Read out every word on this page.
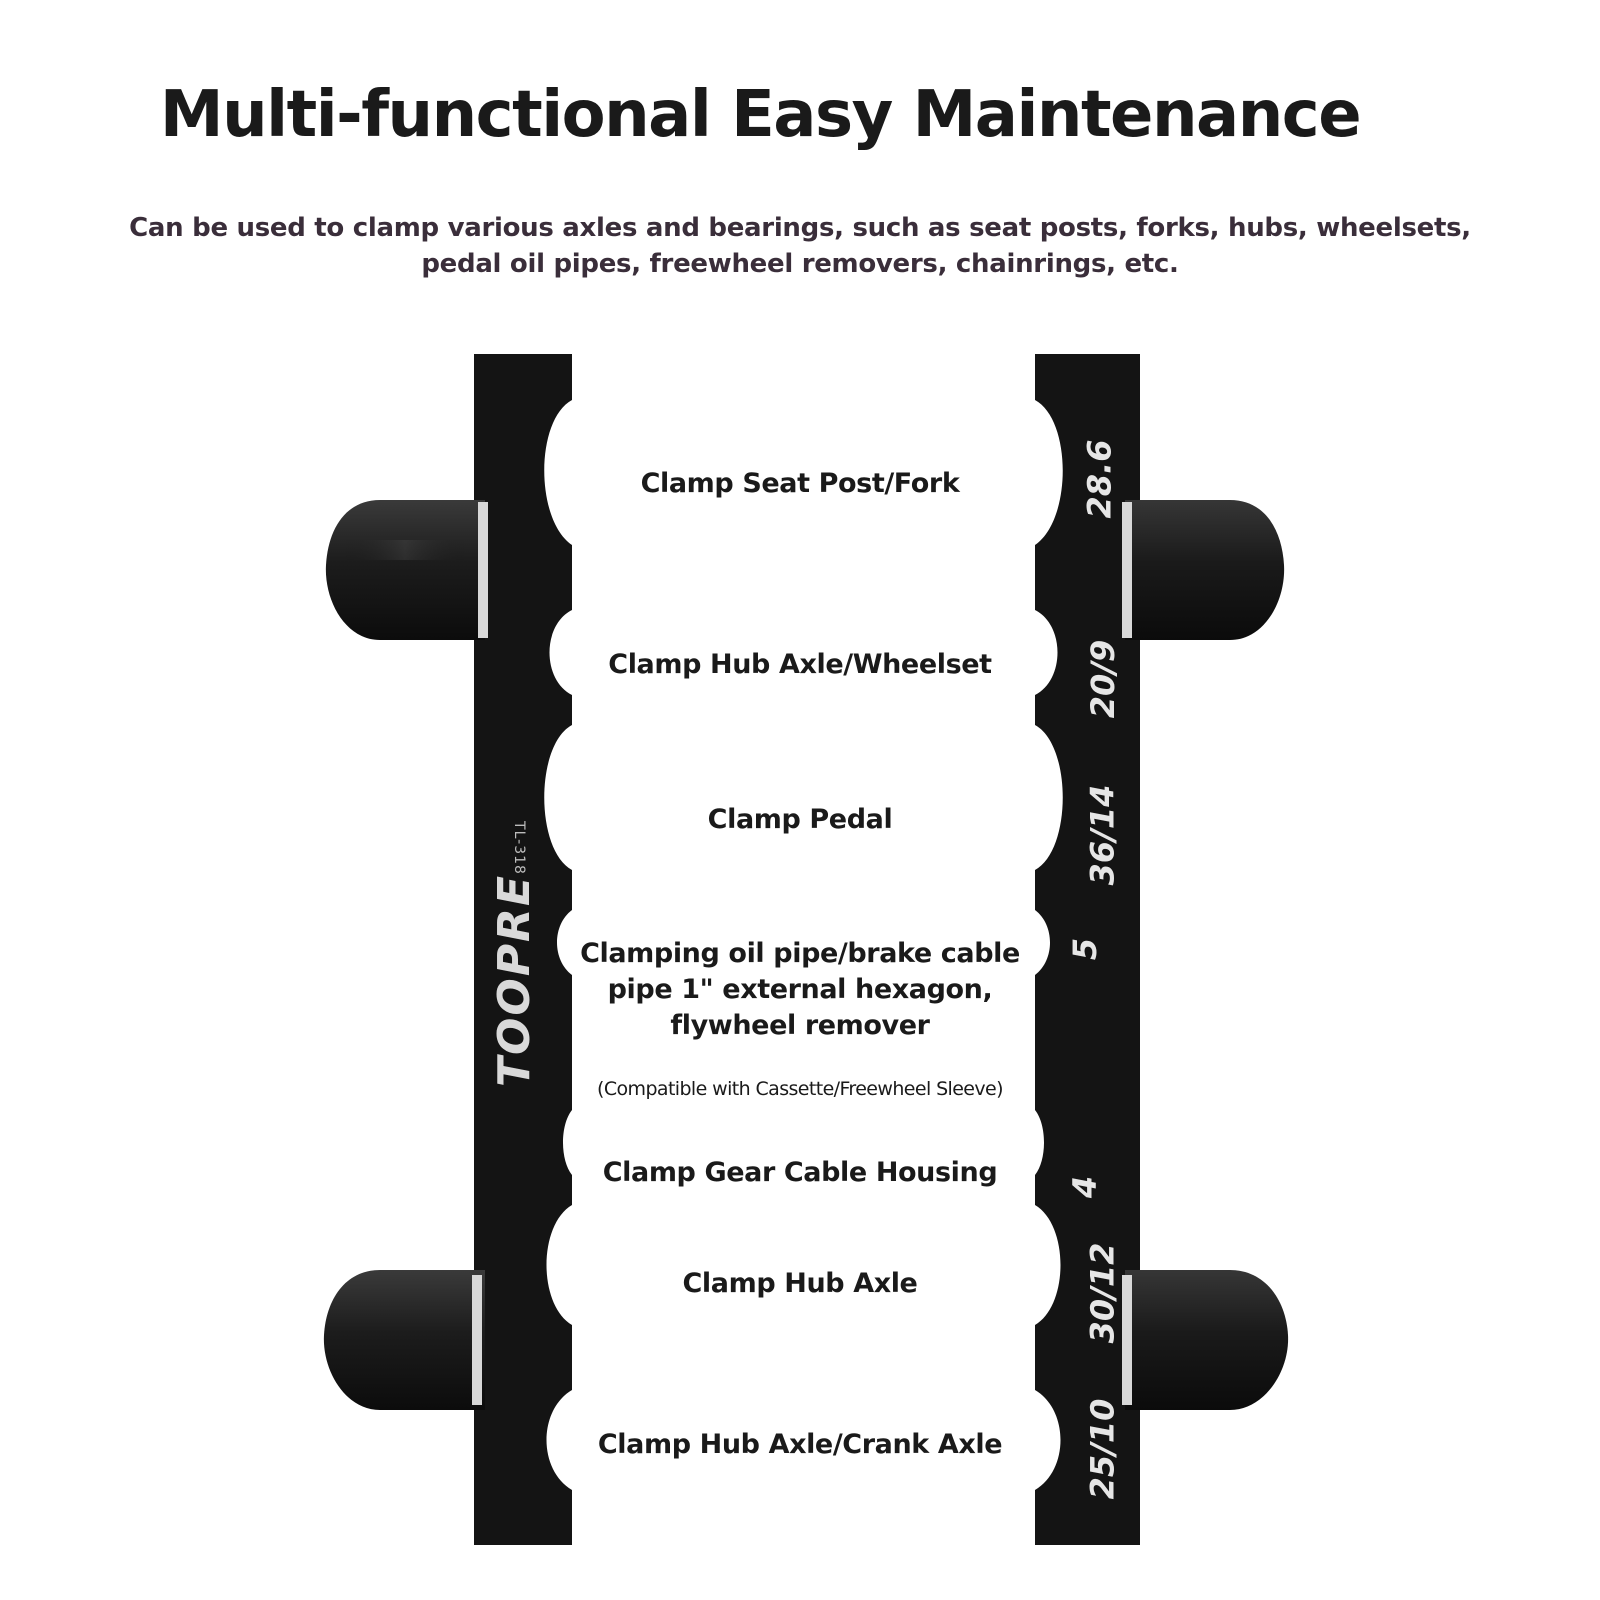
Multi-functional Easy Maintenance

Can be used to clamp various axles and bearings, such as seat posts, forks, hubs, wheelsets,
pedal oil pipes, freewheel removers, chainrings, etc.

TOOPRE
TL-318
28.6
20/9
36/14
5
4
30/12
25/10
Clamp Seat Post/Fork
Clamp Hub Axle/Wheelset
Clamp Pedal
Clamping oil pipe/brake cable
pipe 1" external hexagon,
flywheel remover
(Compatible with Cassette/Freewheel Sleeve)
Clamp Gear Cable Housing
Clamp Hub Axle
Clamp Hub Axle/Crank Axle
